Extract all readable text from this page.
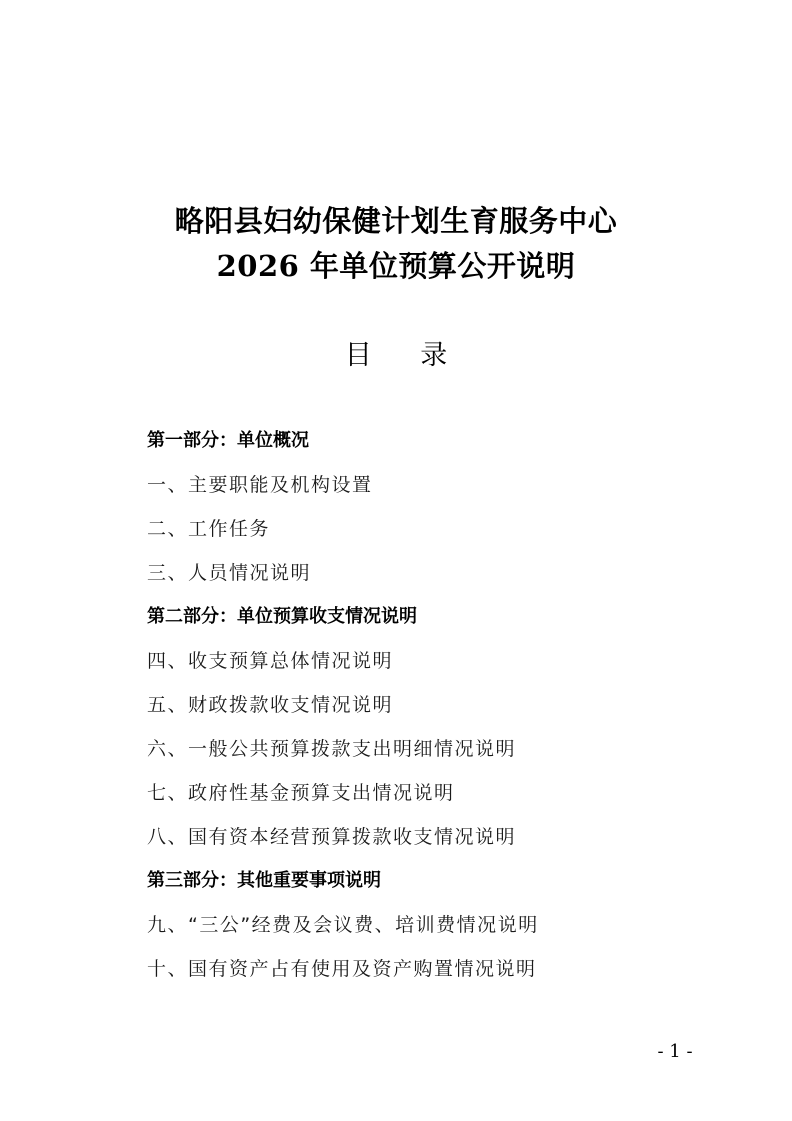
略阳县妇幼保健计划生育服务中心
2026 年单位预算公开说明
目 录
第一部分：单位概况
一、主要职能及机构设置
二、工作任务
三、人员情况说明
第二部分：单位预算收支情况说明
四、收支预算总体情况说明
五、财政拨款收支情况说明
六、一般公共预算拨款支出明细情况说明
七、政府性基金预算支出情况说明
八、国有资本经营预算拨款收支情况说明
第三部分：其他重要事项说明
九、“三公”经费及会议费、培训费情况说明
十、国有资产占有使用及资产购置情况说明
- 1 -
